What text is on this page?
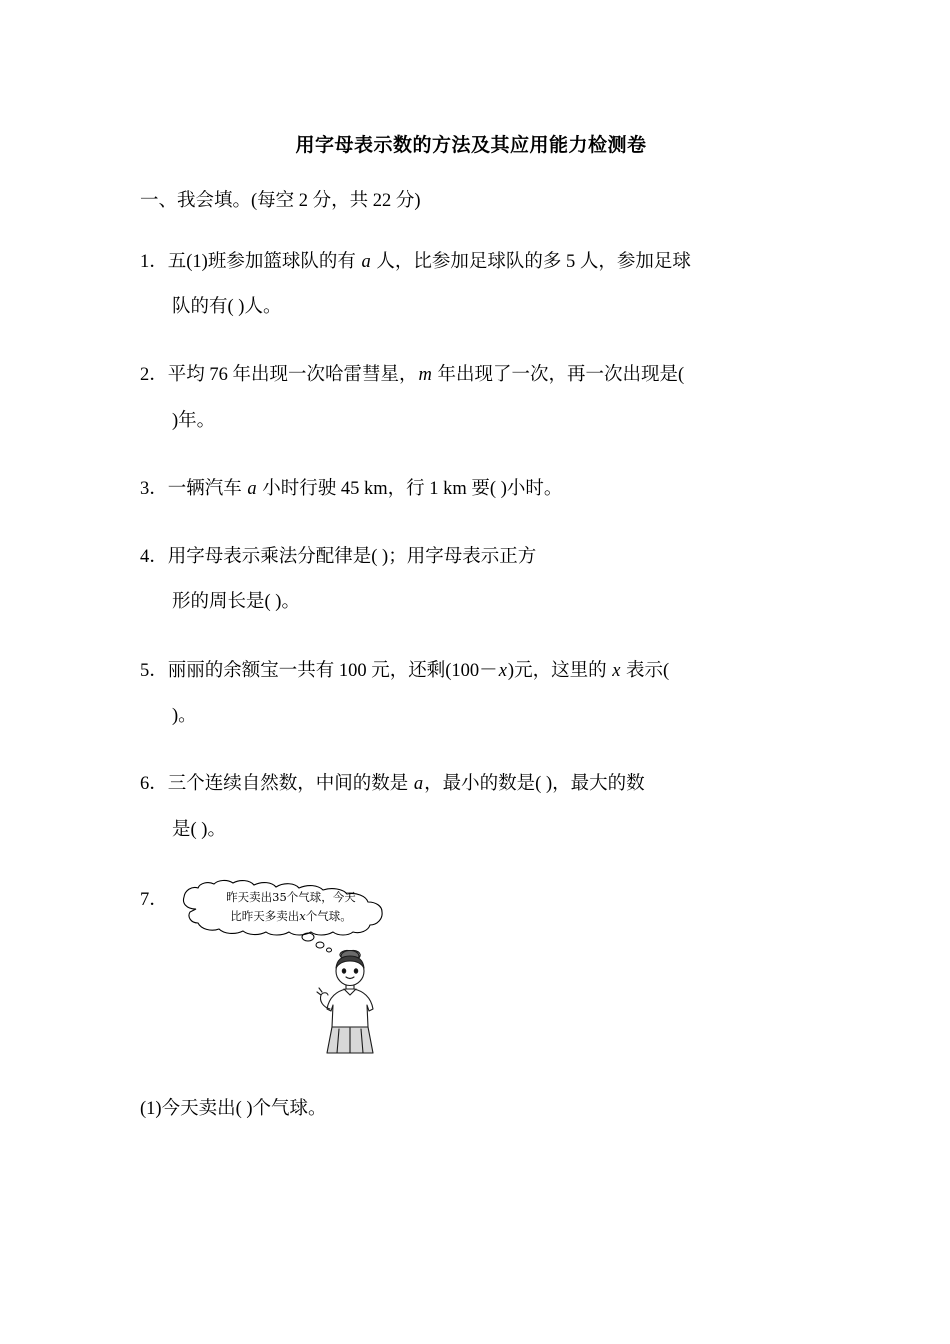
用字母表示数的方法及其应用能力检测卷
一、我会填。(每空 2 分，共 22 分)
1．五(1)班参加篮球队的有 a 人，比参加足球队的多 5 人，参加足球
队的有( )人。
2．平均 76 年出现一次哈雷彗星，m 年出现了一次，再一次出现是(
)年。
3．一辆汽车 a 小时行驶 45 km，行 1 km 要( )小时。
4．用字母表示乘法分配律是( )；用字母表示正方
形的周长是( )。
5．丽丽的余额宝一共有 100 元，还剩(100－x)元，这里的 x 表示(
)。
6．三个连续自然数，中间的数是 a，最小的数是( )，最大的数
是( )。
7．	昨天卖出35个气球，今天
比昨天多卖出x个气球。
(1)今天卖出( )个气球。
